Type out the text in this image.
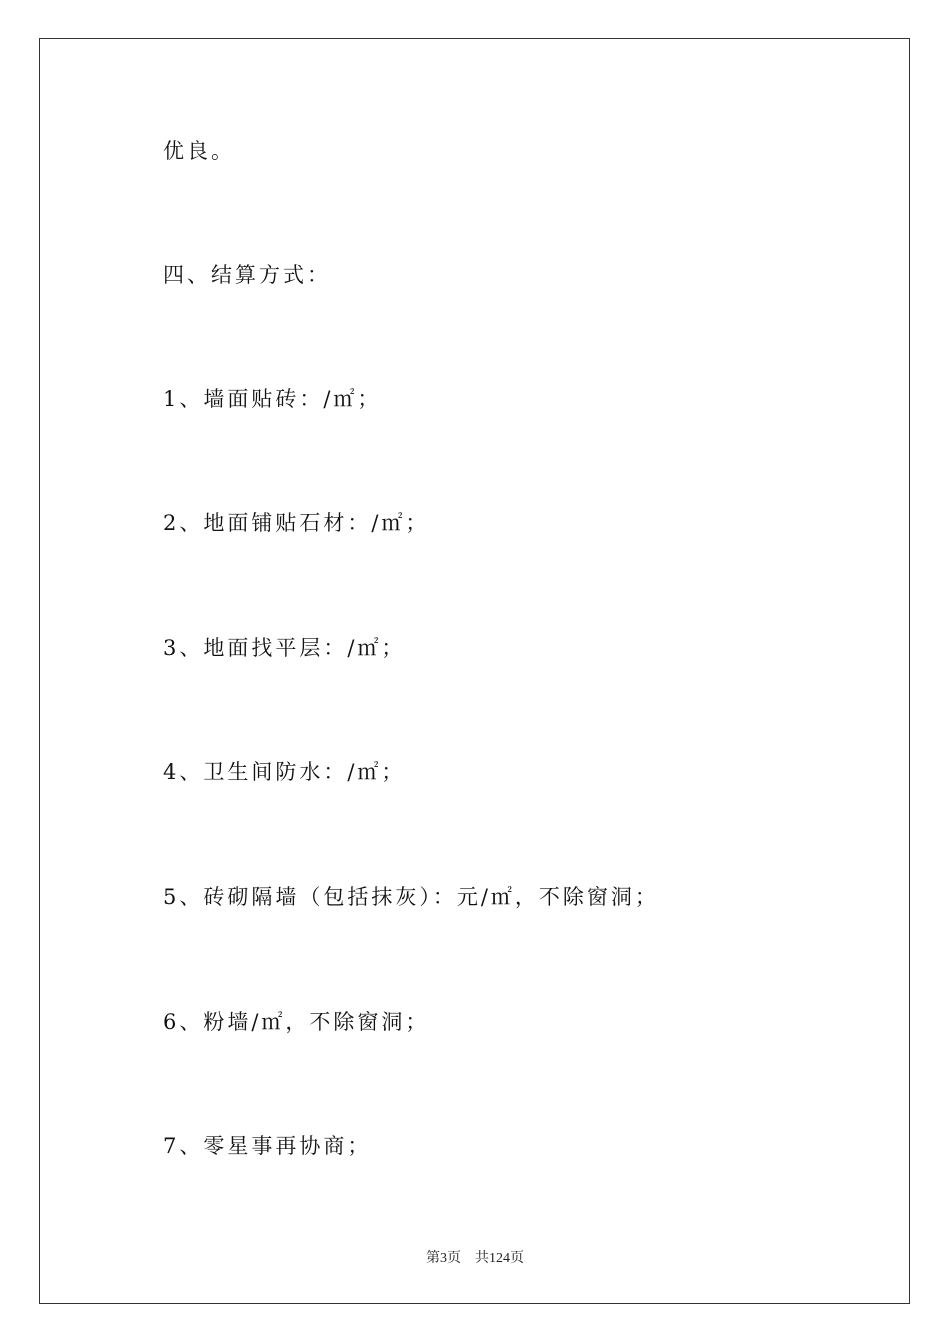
优良。
四、结算方式：
1、墙面贴砖：/㎡；
2、地面铺贴石材：/㎡；
3、地面找平层：/㎡；
4、卫生间防水：/㎡；
5、砖砌隔墙（包括抹灰）：元/㎡，不除窗洞；
6、粉墙/㎡，不除窗洞；
7、零星事再协商；
第3页 共124页
